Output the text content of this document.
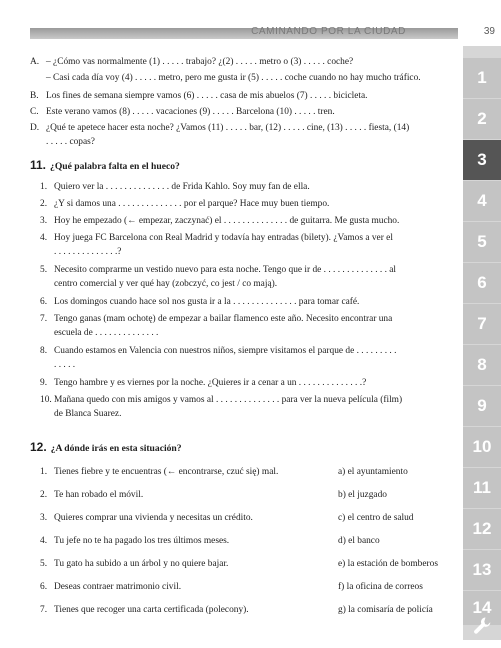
CAMINANDO POR LA CIUDAD	39
A. – ¿Cómo vas normalmente (1) . . . . . trabajo? ¿(2) . . . . . metro o (3) . . . . . coche?
– Casi cada día voy (4) . . . . . metro, pero me gusta ir (5) . . . . . coche cuando no hay mucho tráfico.
B. Los fines de semana siempre vamos (6) . . . . . casa de mis abuelos (7) . . . . . bicicleta.
C. Este verano vamos (8) . . . . . vacaciones (9) . . . . . Barcelona (10) . . . . . tren.
D. ¿Qué te apetece hacer esta noche? ¿Vamos (11) . . . . . bar, (12) . . . . . cine, (13) . . . . . fiesta, (14)
. . . . . copas?
11. ¿Qué palabra falta en el hueco?
1. Quiero ver la . . . . . . . . . . . . . . de Frida Kahlo. Soy muy fan de ella.
2. ¿Y si damos una . . . . . . . . . . . . . . por el parque? Hace muy buen tiempo.
3. Hoy he empezado (← empezar, zaczynać) el . . . . . . . . . . . . . . de guitarra. Me gusta mucho.
4. Hoy juega FC Barcelona con Real Madrid y todavía hay entradas (bilety). ¿Vamos a ver el
. . . . . . . . . . . . . .?
5. Necesito comprarme un vestido nuevo para esta noche. Tengo que ir de . . . . . . . . . . . . . . al
centro comercial y ver qué hay (zobczyć, co jest / co mają).
6. Los domingos cuando hace sol nos gusta ir a la . . . . . . . . . . . . . . para tomar café.
7. Tengo ganas (mam ochotę) de empezar a bailar flamenco este año. Necesito encontrar una
escuela de . . . . . . . . . . . . . .
8. Cuando estamos en Valencia con nuestros niños, siempre visitamos el parque de . . . . . . . . .
. . . . .
9. Tengo hambre y es viernes por la noche. ¿Quieres ir a cenar a un . . . . . . . . . . . . . .?
10. Mañana quedo con mis amigos y vamos al . . . . . . . . . . . . . . para ver la nueva película (film)
de Blanca Suarez.
12. ¿A dónde irás en esta situación?
1. Tienes fiebre y te encuentras (← encontrarse, czuć się) mal.
2. Te han robado el móvil.
3. Quieres comprar una vivienda y necesitas un crédito.
4. Tu jefe no te ha pagado los tres últimos meses.
5. Tu gato ha subido a un árbol y no quiere bajar.
6. Deseas contraer matrimonio civil.
7. Tienes que recoger una carta certificada (polecony).
a) el ayuntamiento
b) el juzgado
c) el centro de salud
d) el banco
e) la estación de bomberos
f) la oficina de correos
g) la comisaría de policía
1
2
3
4
5
6
7
8
9
10
11
12
13
14
